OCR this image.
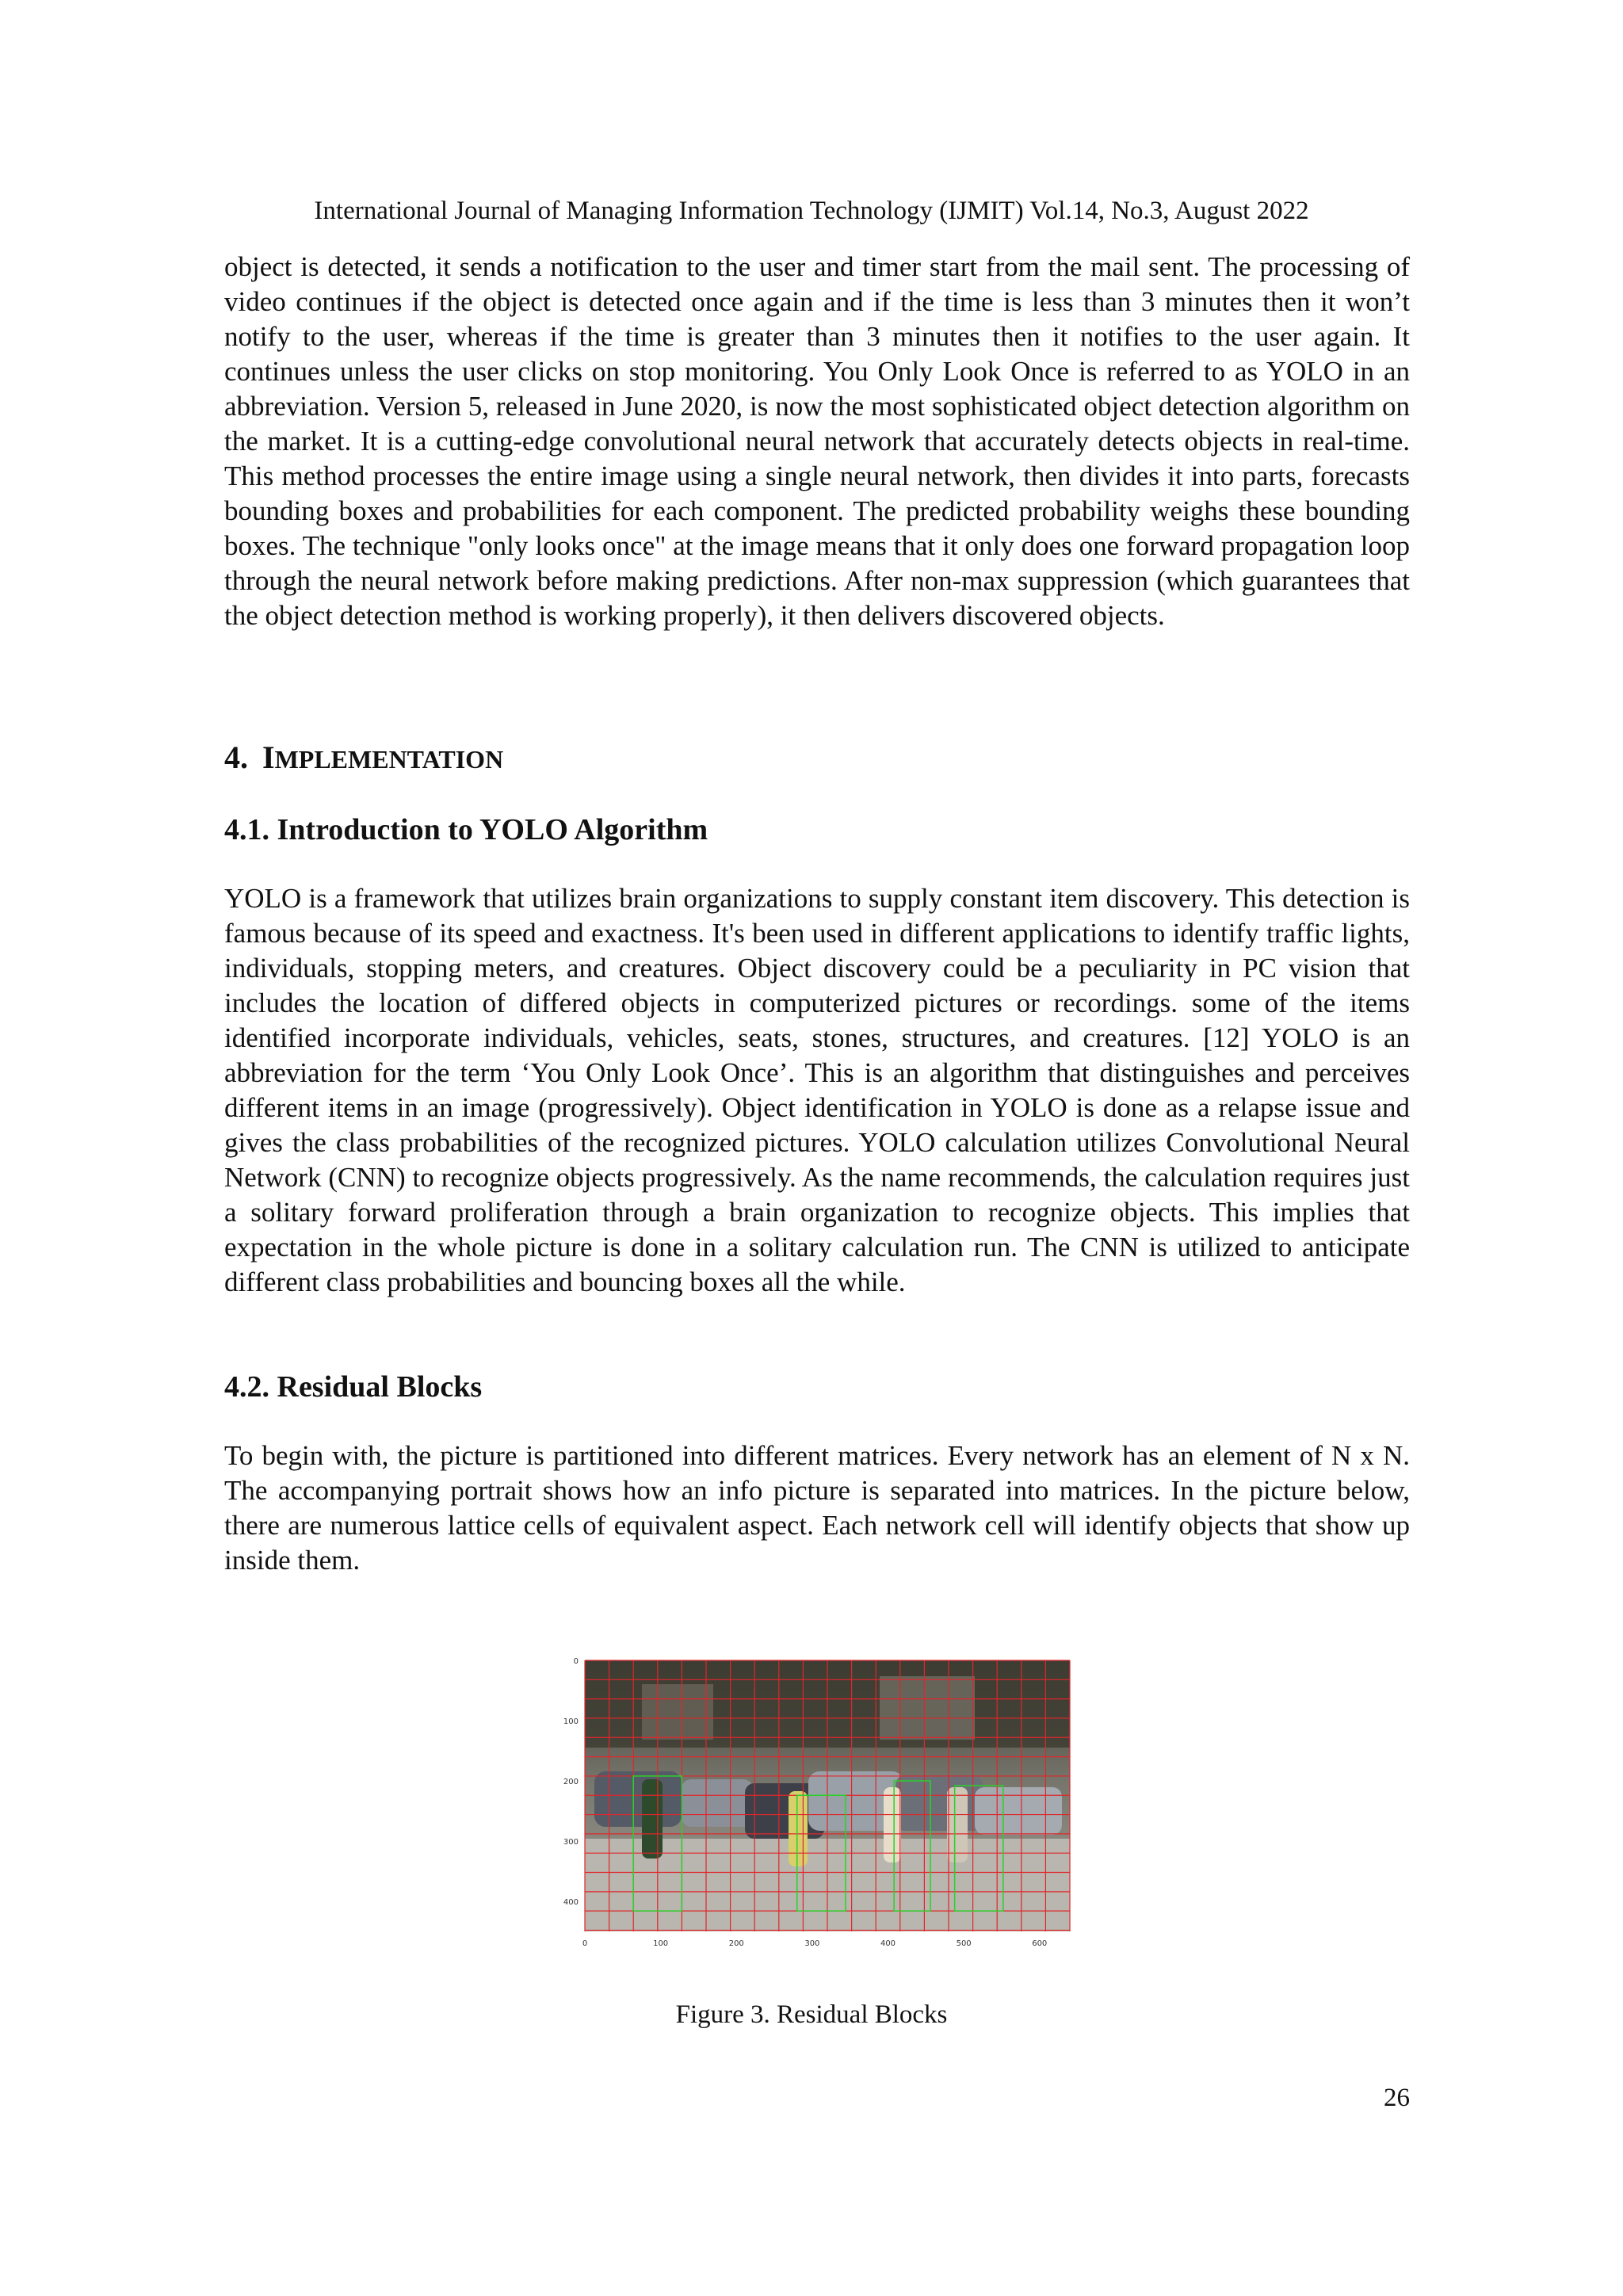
International Journal of Managing Information Technology (IJMIT) Vol.14, No.3, August 2022

object is detected, it sends a notification to the user and timer start from the mail sent. The processing of video continues if the object is detected once again and if the time is less than 3 minutes then it won’t notify to the user, whereas if the time is greater than 3 minutes then it notifies to the user again. It continues unless the user clicks on stop monitoring. You Only Look Once is referred to as YOLO in an abbreviation. Version 5, released in June 2020, is now the most sophisticated object detection algorithm on the market. It is a cutting-edge convolutional neural network that accurately detects objects in real-time. This method processes the entire image using a single neural network, then divides it into parts, forecasts bounding boxes and probabilities for each component. The predicted probability weighs these bounding boxes. The technique "only looks once" at the image means that it only does one forward propagation loop through the neural network before making predictions. After non-max suppression (which guarantees that the object detection method is working properly), it then delivers discovered objects.

4. IMPLEMENTATION
4.1. Introduction to YOLO Algorithm

YOLO is a framework that utilizes brain organizations to supply constant item discovery. This detection is famous because of its speed and exactness. It's been used in different applications to identify traffic lights, individuals, stopping meters, and creatures. Object discovery could be a peculiarity in PC vision that includes the location of differed objects in computerized pictures or recordings. some of the items identified incorporate individuals, vehicles, seats, stones, structures, and creatures. [12] YOLO is an abbreviation for the term ‘You Only Look Once’. This is an algorithm that distinguishes and perceives different items in an image (progressively). Object identification in YOLO is done as a relapse issue and gives the class probabilities of the recognized pictures. YOLO calculation utilizes Convolutional Neural Network (CNN) to recognize objects progressively. As the name recommends, the calculation requires just a solitary forward proliferation through a brain organization to recognize objects. This implies that expectation in the whole picture is done in a solitary calculation run. The CNN is utilized to anticipate different class probabilities and bouncing boxes all the while.

4.2. Residual Blocks

To begin with, the picture is partitioned into different matrices. Every network has an element of N x N. The accompanying portrait shows how an info picture is separated into matrices. In the picture below, there are numerous lattice cells of equivalent aspect. Each network cell will identify objects that show up inside them.

0
100
200
300
400
0	100	200	300	400	500	600
Figure 3. Residual Blocks
26
